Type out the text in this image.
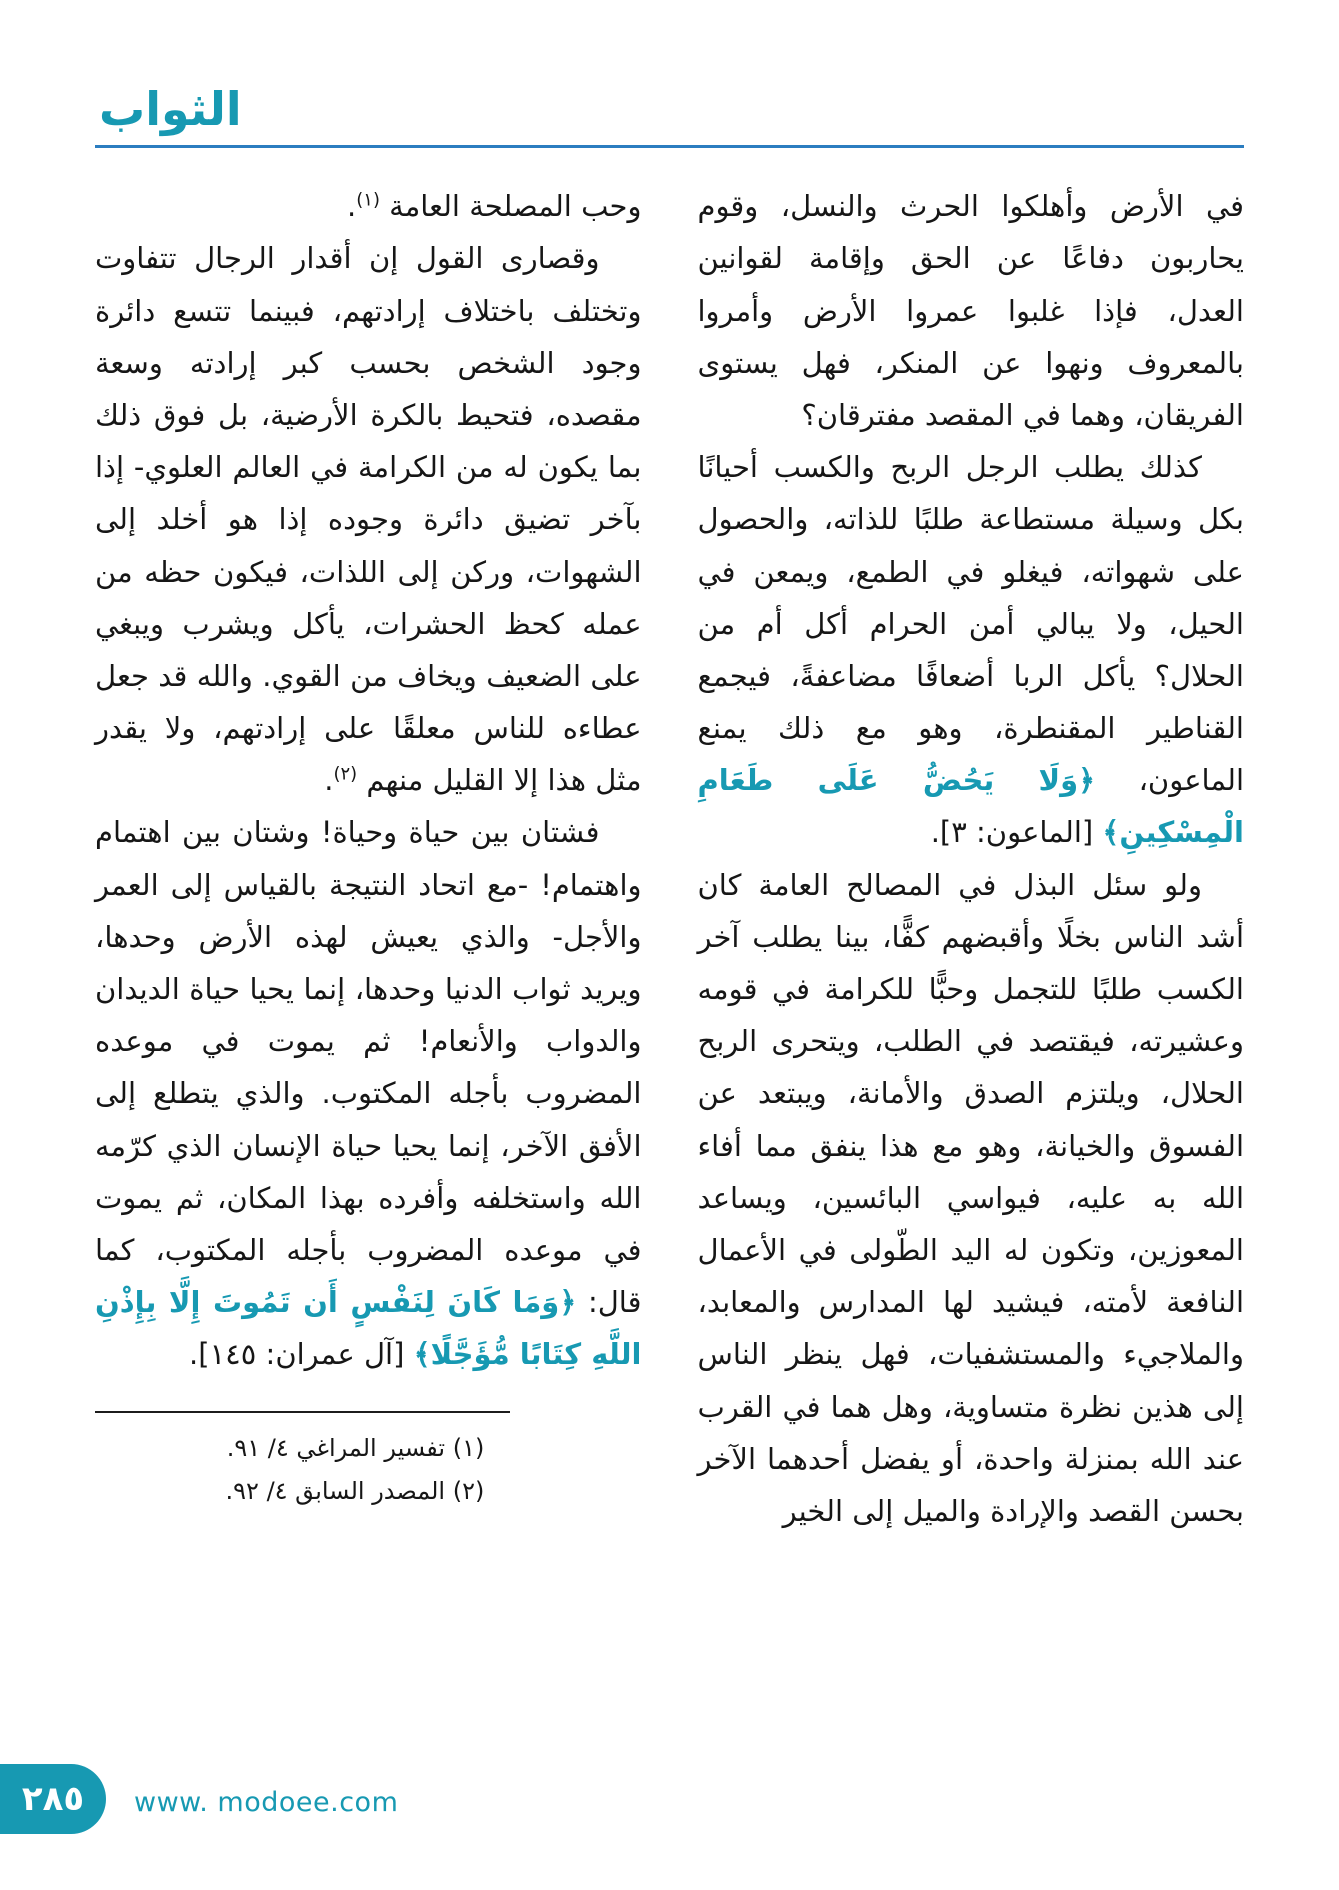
الثواب

في الأرض وأهلكوا الحرث والنسل، وقوم يحاربون دفاعًا عن الحق وإقامة لقوانين العدل، فإذا غلبوا عمروا الأرض وأمروا بالمعروف ونهوا عن المنكر، فهل يستوى الفريقان، وهما في المقصد مفترقان؟

كذلك يطلب الرجل الربح والكسب أحيانًا بكل وسيلة مستطاعة طلبًا للذاته، والحصول على شهواته، فيغلو في الطمع، ويمعن في الحيل، ولا يبالي أمن الحرام أكل أم من الحلال؟ يأكل الربا أضعافًا مضاعفةً، فيجمع القناطير المقنطرة، وهو مع ذلك يمنع الماعون، ﴿وَلَا يَحُضُّ عَلَى طَعَامِ الْمِسْكِينِ﴾ [الماعون: ٣].

ولو سئل البذل في المصالح العامة كان أشد الناس بخلًا وأقبضهم كفًّا، بينا يطلب آخر الكسب طلبًا للتجمل وحبًّا للكرامة في قومه وعشيرته، فيقتصد في الطلب، ويتحرى الربح الحلال، ويلتزم الصدق والأمانة، ويبتعد عن الفسوق والخيانة، وهو مع هذا ينفق مما أفاء الله به عليه، فيواسي البائسين، ويساعد المعوزين، وتكون له اليد الطّولى في الأعمال النافعة لأمته، فيشيد لها المدارس والمعابد، والملاجيء والمستشفيات، فهل ينظر الناس إلى هذين نظرة متساوية، وهل هما في القرب عند الله بمنزلة واحدة، أو يفضل أحدهما الآخر بحسن القصد والإرادة والميل إلى الخير

وحب المصلحة العامة $^{(١)}$.

وقصارى القول إن أقدار الرجال تتفاوت وتختلف باختلاف إرادتهم، فبينما تتسع دائرة وجود الشخص بحسب كبر إرادته وسعة مقصده، فتحيط بالكرة الأرضية، بل فوق ذلك بما يكون له من الكرامة في العالم العلوي- إذا بآخر تضيق دائرة وجوده إذا هو أخلد إلى الشهوات، وركن إلى اللذات، فيكون حظه من عمله كحظ الحشرات، يأكل ويشرب ويبغي على الضعيف ويخاف من القوي. والله قد جعل عطاءه للناس معلقًا على إرادتهم، ولا يقدر مثل هذا إلا القليل منهم $^{(٢)}$.

فشتان بين حياة وحياة! وشتان بين اهتمام واهتمام! -مع اتحاد النتيجة بالقياس إلى العمر والأجل- والذي يعيش لهذه الأرض وحدها، ويريد ثواب الدنيا وحدها، إنما يحيا حياة الديدان والدواب والأنعام! ثم يموت في موعده المضروب بأجله المكتوب. والذي يتطلع إلى الأفق الآخر، إنما يحيا حياة الإنسان الذي كرّمه الله واستخلفه وأفرده بهذا المكان، ثم يموت في موعده المضروب بأجله المكتوب، كما قال: ﴿وَمَا كَانَ لِنَفْسٍ أَن تَمُوتَ إِلَّا بِإِذْنِ اللَّهِ كِتَابًا مُّؤَجَّلًا﴾ [آل عمران: ١٤٥].

(١) تفسير المراغي ٤/ ٩١.
(٢) المصدر السابق ٤/ ٩٢.
٢٨٥ www. modoee.com
